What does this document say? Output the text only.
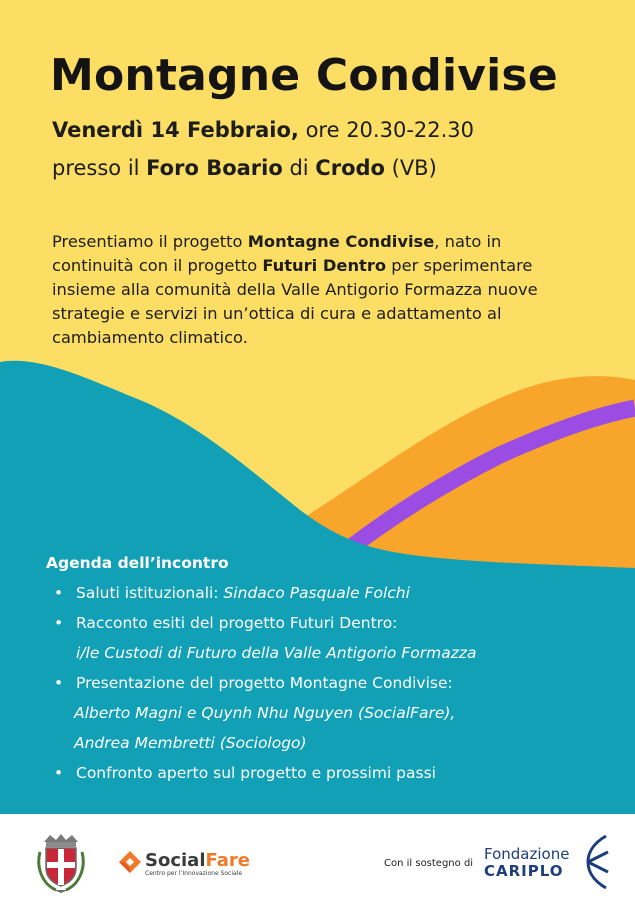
Montagne Condivise
Venerdì 14 Febbraio, ore 20.30-22.30
presso il Foro Boario di Crodo (VB)
Presentiamo il progetto Montagne Condivise, nato in continuità con il progetto Futuri Dentro per sperimentare insieme alla comunità della Valle Antigorio Formazza nuove strategie e servizi in un’ottica di cura e adattamento al cambiamento climatico.
Agenda dell’incontro
• Saluti istituzionali: Sindaco Pasquale Folchi
• Racconto esiti del progetto Futuri Dentro:
i/le Custodi di Futuro della Valle Antigorio Formazza
• Presentazione del progetto Montagne Condivise:
Alberto Magni e Quynh Nhu Nguyen (SocialFare),
Andrea Membretti (Sociologo)
• Confronto aperto sul progetto e prossimi passi
SocialFare
Centro per l’Innovazione Sociale
Con il sostegno di
Fondazione
CARIPLO
